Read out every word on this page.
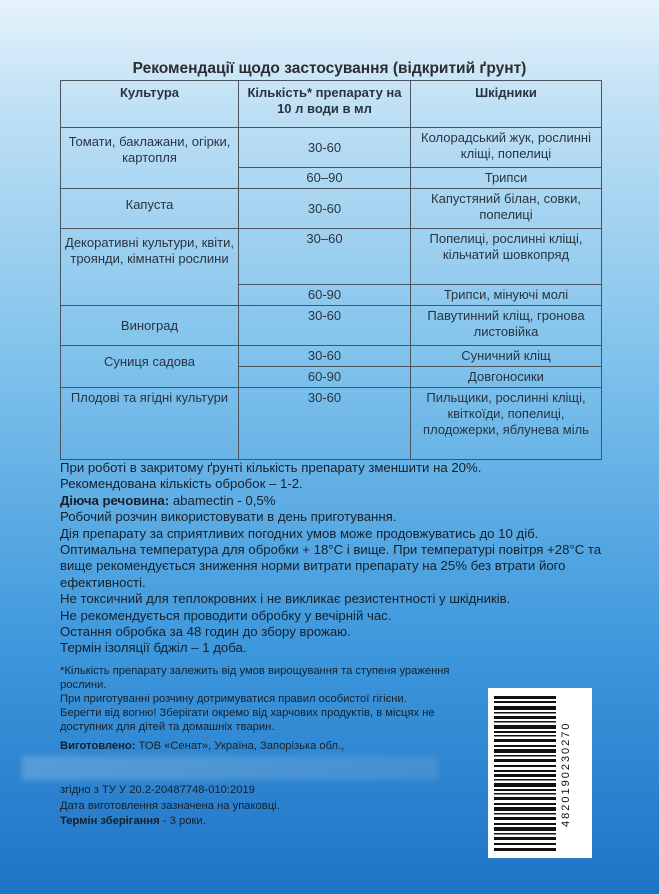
Рекомендації щодо застосування (відкритий ґрунт)
Культура	Кількість* препарату на 10 л води в мл	Шкідники
Томати, баклажани, огірки, картопля	30-60	Колорадський жук, рослинні кліщі, попелиці
	60–90	Трипси
Капуста	30-60	Капустяний білан, совки, попелиці
Декоративні культури, квіти, троянди, кімнатні рослини	30–60	Попелиці, рослинні кліщі, кільчатий шовкопряд
	60-90	Трипси, мінуючі молі
Виноград	30-60	Павутинний кліщ, гронова листовійка
Суниця садова	30-60	Суничний кліщ
	60-90	Довгоносики
Плодові та ягідні культури	30-60	Пильщики, рослинні кліщі, квіткоїди, попелиці, плодожерки, яблунева міль

При роботі в закритому ґрунті кількість препарату зменшити на 20%.

Рекомендована кількість обробок – 1-2.

Діюча речовина: abamectin - 0,5%

Робочий розчин використовувати в день приготування.

Дія препарату за сприятливих погодних умов може продовжуватись до 10 діб.

Оптимальна температура для обробки + 18°С і вище. При температурі повітря +28°С та вище рекомендується зниження норми витрати препарату на 25% без втрати його ефективності.

Не токсичний для теплокровних і не викликає резистентності у шкідників.

Не рекомендується проводити обробку у вечірній час.

Остання обробка за 48 годин до збору врожаю.

Термін ізоляції бджіл – 1 доба.

*Кількість препарату залежить від умов вирощування та ступеня ураження рослини.

При приготуванні розчину дотримуватися правил особистої гігієни.

Берегти від вогню! Зберігати окремо від харчових продуктів, в місцях не доступних для дітей та домашніх тварин.

Виготовлено: ТОВ «Сенат», Україна, Запорізька обл.,

згідно з ТУ У 20.2-20487748-010:2019

Дата виготовлення зазначена на упаковці.

Термін зберігання - 3 роки.	4820190230270
